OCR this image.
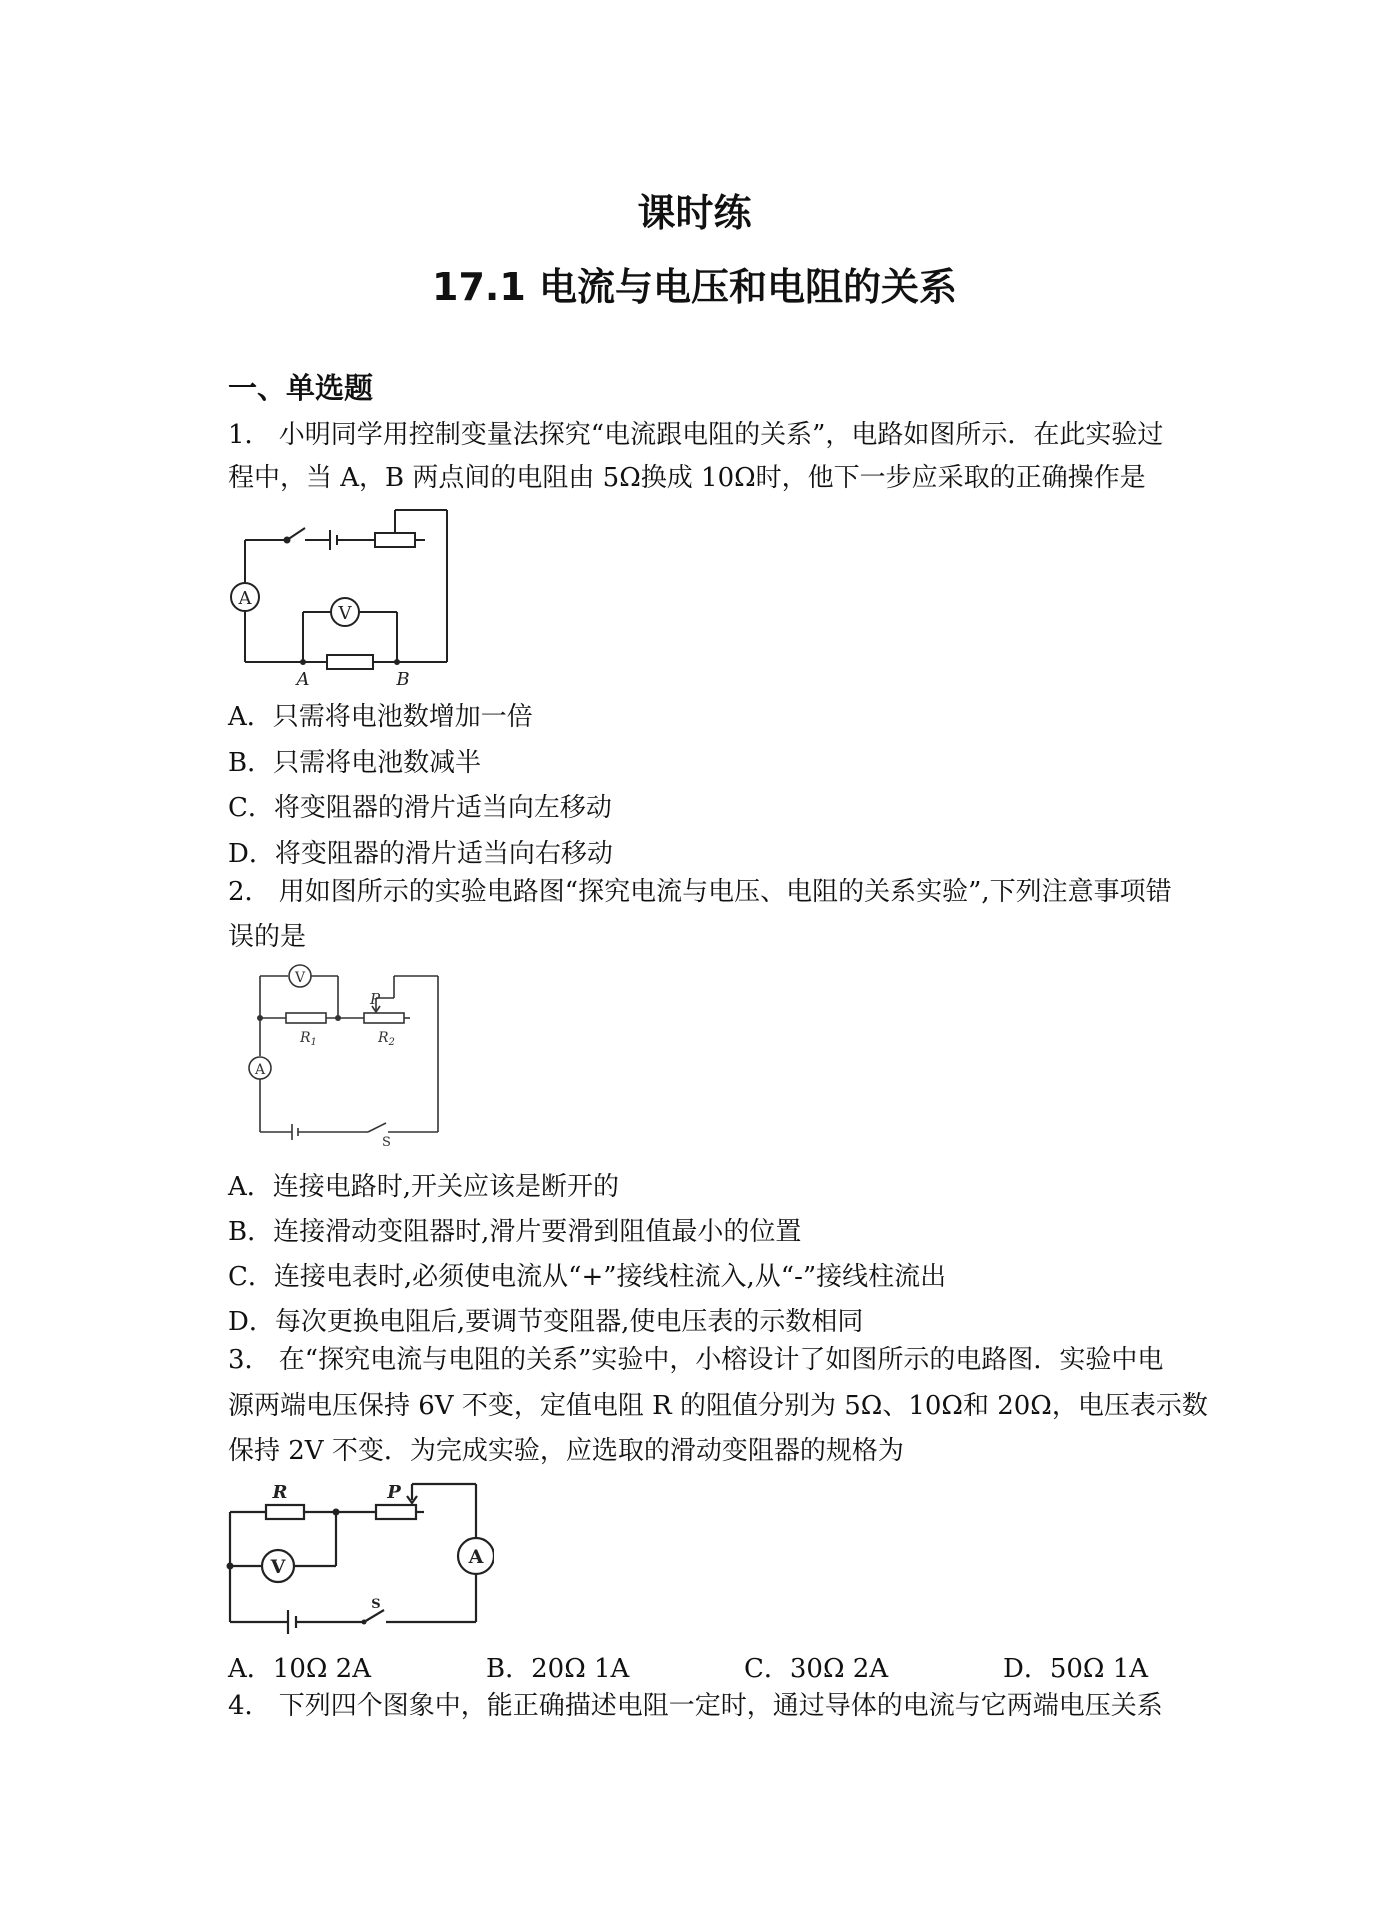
课时练
17.1 电流与电压和电阻的关系
一、单选题
1． 小明同学用控制变量法探究“电流跟电阻的关系”，电路如图所示．在此实验过
程中，当 A，B 两点间的电阻由 5Ω换成 10Ω时，他下一步应采取的正确操作是
A
V
A	B
A．只需将电池数增加一倍
B．只需将电池数减半
C．将变阻器的滑片适当向左移动
D．将变阻器的滑片适当向右移动
2． 用如图所示的实验电路图“探究电流与电压、电阻的关系实验”,下列注意事项错
误的是
V
A
P
$R_1$	$R_2$
S
A．连接电路时,开关应该是断开的
B．连接滑动变阻器时,滑片要滑到阻值最小的位置
C．连接电表时,必须使电流从“+”接线柱流入,从“-”接线柱流出
D．每次更换电阻后,要调节变阻器,使电压表的示数相同
3． 在“探究电流与电阻的关系”实验中，小榕设计了如图所示的电路图．实验中电
源两端电压保持 6V 不变，定值电阻 R 的阻值分别为 5Ω、10Ω和 20Ω，电压表示数
保持 2V 不变．为完成实验，应选取的滑动变阻器的规格为
R	P
V	A
S
A．10Ω 2A	B．20Ω 1A	C．30Ω 2A	D．50Ω 1A
4． 下列四个图象中，能正确描述电阻一定时，通过导体的电流与它两端电压关系
